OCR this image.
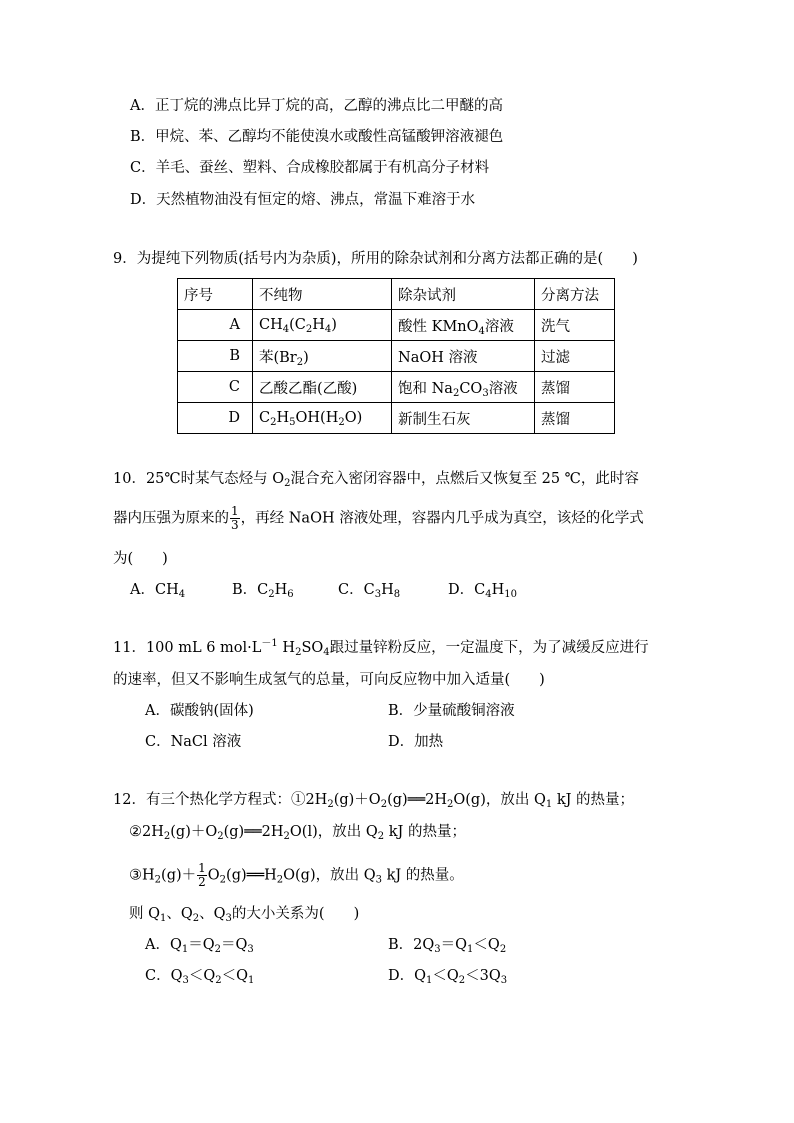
A．正丁烷的沸点比异丁烷的高，乙醇的沸点比二甲醚的高
B．甲烷、苯、乙醇均不能使溴水或酸性高锰酸钾溶液褪色
C．羊毛、蚕丝、塑料、合成橡胶都属于有机高分子材料
D．天然植物油没有恒定的熔、沸点，常温下难溶于水
9．为提纯下列物质(括号内为杂质)，所用的除杂试剂和分离方法都正确的是(　　)
序号	不纯物	除杂试剂	分离方法
A	$CH_4(C_2H_4)$	酸性 KMnO$_4$溶液	洗气
B	苯$(Br_2)$	NaOH 溶液	过滤
C	乙酸乙酯(乙酸)	饱和 $Na_2CO_3$溶液	蒸馏
D	$C_2H_5OH(H_2O)$	新制生石灰	蒸馏
10．25℃时某气态烃与 $O_2$混合充入密闭容器中，点燃后又恢复至 25 ℃，此时容
器内压强为原来的 $\frac{1}{3}$ ，再经 NaOH 溶液处理，容器内几乎成为真空，该烃的化学式
为(　　)
A．$CH_4$	B．$C_2H_6$	C．$C_3H_8$	D．$C_4H_{10}$
11．100 mL 6 $mol\cdot L^{-1}$ $H_2SO_4$跟过量锌粉反应，一定温度下，为了减缓反应进行
的速率，但又不影响生成氢气的总量，可向反应物中加入适量(　　)
A．碳酸钠(固体)	B．少量硫酸铜溶液
C．NaCl 溶液	D．加热
12．有三个热化学方程式：$①2H_2(g)+O_2(g)══2H_2O(g)$，放出 $Q_1$ kJ 的热量；
$②2H_2(g)+O_2(g)══2H_2O(l)$，放出 $Q_2$ kJ 的热量；
$③H_2(g)+ \frac{1}{2}$ $O_2(g)══H_2O(g)$，放出 $Q_3$ kJ 的热量。
则 $Q_1$、$Q_2$、$Q_3$的大小关系为(　　)
A．$Q_1=Q_2=Q_3$	B．$2Q_3=Q_1<Q_2$
C．$Q_3<Q_2<Q_1$	D．$Q_1<Q_2<3Q_3$
